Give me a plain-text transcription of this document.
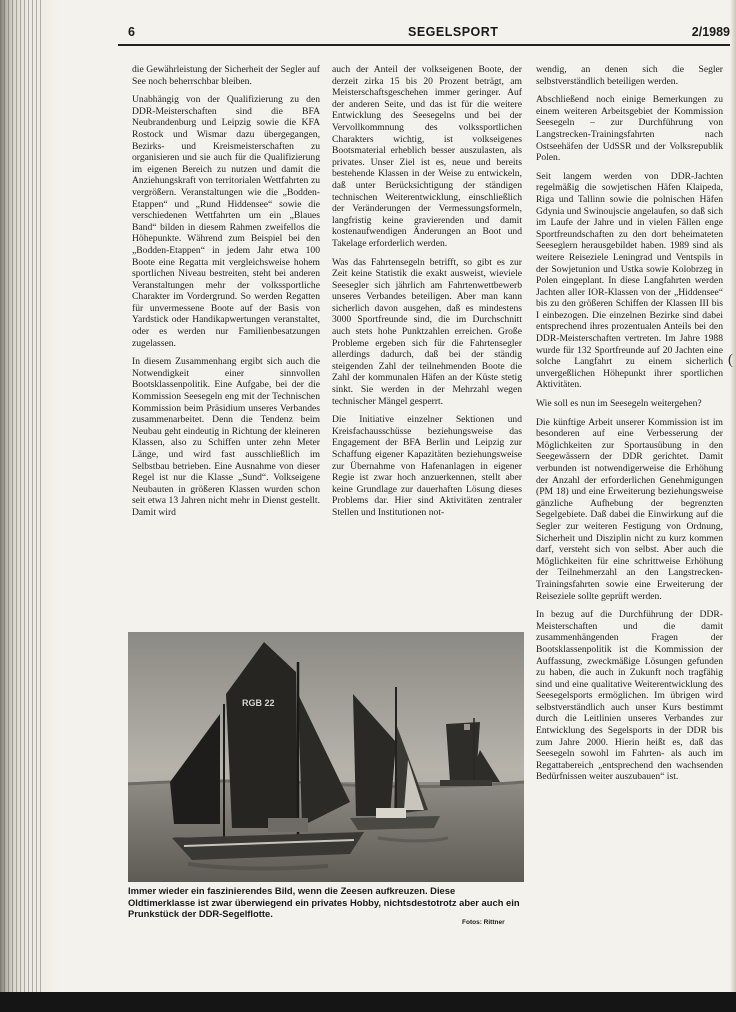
6	SEGELSPORT	2/1989

die Gewährleistung der Sicherheit der Segler auf See noch beherrschbar bleiben.

Unabhängig von der Qualifizierung zu den DDR-Meisterschaften sind die BFA Neubrandenburg und Leipzig sowie die KFA Rostock und Wismar dazu übergegangen, Bezirks- und Kreismeisterschaften zu organisieren und sie auch für die Qualifizierung im eigenen Bereich zu nutzen und damit die Anziehungskraft von territorialen Wettfahrten zu vergrößern. Veranstaltungen wie die „Bodden-Etappen“ und „Rund Hiddensee“ sowie die verschiedenen Wettfahrten um ein „Blaues Band“ bilden in diesem Rahmen zweifellos die Höhepunkte. Während zum Beispiel bei den „Bodden-Etappen“ in jedem Jahr etwa 100 Boote eine Regatta mit vergleichsweise hohem sportlichen Niveau bestreiten, steht bei anderen Veranstaltungen mehr der volkssportliche Charakter im Vordergrund. So werden Regatten für unvermessene Boote auf der Basis von Yardstick oder Handikapwertungen veranstaltet, oder es werden nur Familienbesatzungen zugelassen.

In diesem Zusammenhang ergibt sich auch die Notwendigkeit einer sinnvollen Bootsklassenpolitik. Eine Aufgabe, bei der die Kommission Seesegeln eng mit der Technischen Kommission beim Präsidium unseres Verbandes zusammenarbeitet. Denn die Tendenz beim Neubau geht eindeutig in Richtung der kleineren Klassen, also zu Schiffen unter zehn Meter Länge, und wird fast ausschließlich im Selbstbau betrieben. Eine Ausnahme von dieser Regel ist nur die Klasse „Sund“. Volkseigene Neubauten in größeren Klassen wurden schon seit etwa 13 Jahren nicht mehr in Dienst gestellt. Damit wird

auch der Anteil der volkseigenen Boote, der derzeit zirka 15 bis 20 Prozent beträgt, am Meisterschaftsgeschehen immer geringer. Auf der anderen Seite, und das ist für die weitere Entwicklung des Seesegelns und bei der Vervollkommnung des volkssportlichen Charakters wichtig, ist volkseigenes Bootsmaterial erheblich besser auszulasten, als privates. Unser Ziel ist es, neue und bereits bestehende Klassen in der Weise zu entwickeln, daß unter Berücksichtigung der ständigen technischen Weiterentwicklung, einschließlich der Veränderungen der Vermessungsformeln, langfristig keine gravierenden und damit kostenaufwendigen Änderungen an Boot und Takelage erforderlich werden.

Was das Fahrtensegeln betrifft, so gibt es zur Zeit keine Statistik die exakt ausweist, wieviele Seesegler sich jährlich am Fahrtenwettbewerb unseres Verbandes beteiligen. Aber man kann sicherlich davon ausgehen, daß es mindestens 3000 Sportfreunde sind, die im Durchschnitt auch stets hohe Punktzahlen erreichen. Große Probleme ergeben sich für die Fahrtensegler allerdings dadurch, daß bei der ständig steigenden Zahl der teilnehmenden Boote die Zahl der kommunalen Häfen an der Küste stetig sinkt. Sie werden in der Mehrzahl wegen technischer Mängel gesperrt.

Die Initiative einzelner Sektionen und Kreisfachausschüsse beziehungsweise das Engagement der BFA Berlin und Leipzig zur Schaffung eigener Kapazitäten beziehungsweise zur Übernahme von Hafenanlagen in eigener Regie ist zwar hoch anzuerkennen, stellt aber keine Grundlage zur dauerhaften Lösung dieses Problems dar. Hier sind Aktivitäten zentraler Stellen und Institutionen not-

wendig, an denen sich die Segler selbstverständlich beteiligen werden.

Abschließend noch einige Bemerkungen zu einem weiteren Arbeitsgebiet der Kommission Seesegeln – zur Durchführung von Langstrecken-Trainingsfahrten nach Ostseehäfen der UdSSR und der Volksrepublik Polen.

Seit langem werden von DDR-Jachten regelmäßig die sowjetischen Häfen Klaipeda, Riga und Tallinn sowie die polnischen Häfen Gdynia und Swinoujscie angelaufen, so daß sich im Laufe der Jahre und in vielen Fällen enge Sportfreundschaften zu den dort beheimateten Seeseglern herausgebildet haben. 1989 sind als weitere Reiseziele Leningrad und Ventspils in der Sowjetunion und Ustka sowie Kolobrzeg in Polen eingeplant. In diese Langfahrten werden Jachten aller IOR-Klassen von der „Hiddensee“ bis zu den größeren Schiffen der Klassen III bis I einbezogen. Die einzelnen Bezirke sind dabei entsprechend ihres prozentualen Anteils bei den DDR-Meisterschaften vertreten. Im Jahre 1988 wurde für 132 Sportfreunde auf 20 Jachten eine solche Langfahrt zu einem sicherlich unvergeßlichen Höhepunkt ihrer sportlichen Aktivitäten.

Wie soll es nun im Seesegeln weitergehen?

Die künftige Arbeit unserer Kommission ist im besonderen auf eine Verbesserung der Möglichkeiten zur Sportausübung in den Seegewässern der DDR gerichtet. Damit verbunden ist notwendigerweise die Erhöhung der Anzahl der erforderlichen Genehmigungen (PM 18) und eine Erweiterung beziehungsweise gänzliche Aufhebung der begrenzten Segelgebiete. Daß dabei die Einwirkung auf die Segler zur weiteren Festigung von Ordnung, Sicherheit und Disziplin nicht zu kurz kommen darf, versteht sich von selbst. Aber auch die Möglichkeiten für eine schrittweise Erhöhung der Teilnehmerzahl an den Langstrecken-Trainingsfahrten sowie eine Erweiterung der Reiseziele sollte geprüft werden.

In bezug auf die Durchführung der DDR-Meisterschaften und die damit zusammenhängenden Fragen der Bootsklassenpolitik ist die Kommission der Auffassung, zweckmäßige Lösungen gefunden zu haben, die auch in Zukunft noch tragfähig sind und eine qualitative Weiterentwicklung des Seesegelsports ermöglichen. Im übrigen wird selbstverständlich auch unser Kurs bestimmt durch die Leitlinien unseres Verbandes zur Entwicklung des Segelsports in der DDR bis zum Jahre 2000. Hierin heißt es, daß das Seesegeln sowohl im Fahrten- als auch im Regattabereich „entsprechend den wachsenden Bedürfnissen weiter auszubauen“ ist.

RGB 22
Immer wieder ein faszinierendes Bild, wenn die Zeesen aufkreuzen. Diese Oldtimerklasse ist zwar überwiegend ein privates Hobby, nichtsdestotrotz aber auch ein Prunkstück der DDR-Segelflotte.
Fotos: Rittner
(
